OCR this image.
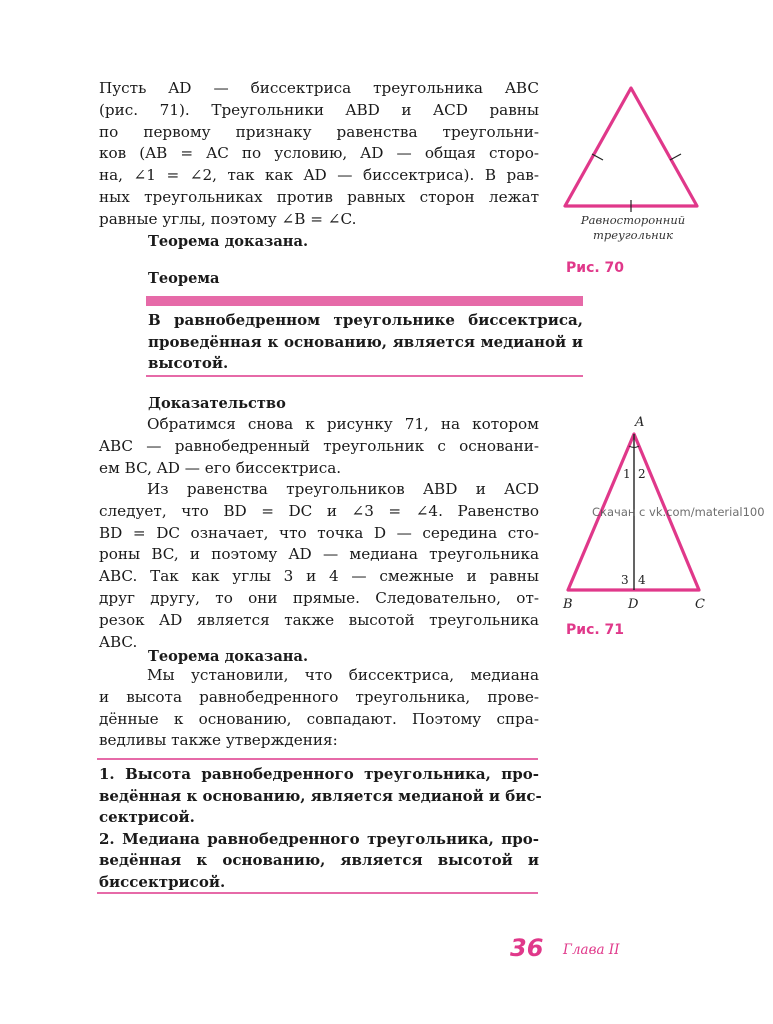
Пусть AD — биссектриса треугольника ABC
(рис. 71). Треугольники ABD и ACD равны
по первому признаку равенства треугольни-
ков (AB = AC по условию, AD — общая сторо-
на, ∠1 = ∠2, так как AD — биссектриса). В рав-
ных треугольниках против равных сторон лежат
равные углы, поэтому ∠B = ∠C.
Теорема доказана.
Теорема
В равнобедренном треугольнике биссектриса,
проведённая к основанию, является медианой и
высотой.
Доказательство
Обратимся снова к рисунку 71, на котором
ABC — равнобедренный треугольник с основани-
ем BC, AD — его биссектриса.
Из равенства треугольников ABD и ACD
следует, что BD = DC и ∠3 = ∠4. Равенство
BD = DC означает, что точка D — середина сто-
роны BC, и поэтому AD — медиана треугольника
ABC. Так как углы 3 и 4 — смежные и равны
друг другу, то они прямые. Следовательно, от-
резок AD является также высотой треугольника
ABC.
Теорема доказана.
Мы установили, что биссектриса, медиана
и высота равнобедренного треугольника, прове-
дённые к основанию, совпадают. Поэтому спра-
ведливы также утверждения:
1. Высота равнобедренного треугольника, про-
ведённая к основанию, является медианой и бис-
сектрисой.
2. Медиана равнобедренного треугольника, про-
ведённая к основанию, является высотой и
биссектрисой.
Равносторонний
треугольник
Рис. 70
A
B	D	C
1 2
3 4
Рис. 71
Скачан с vk.com/material100
36 Глава II
